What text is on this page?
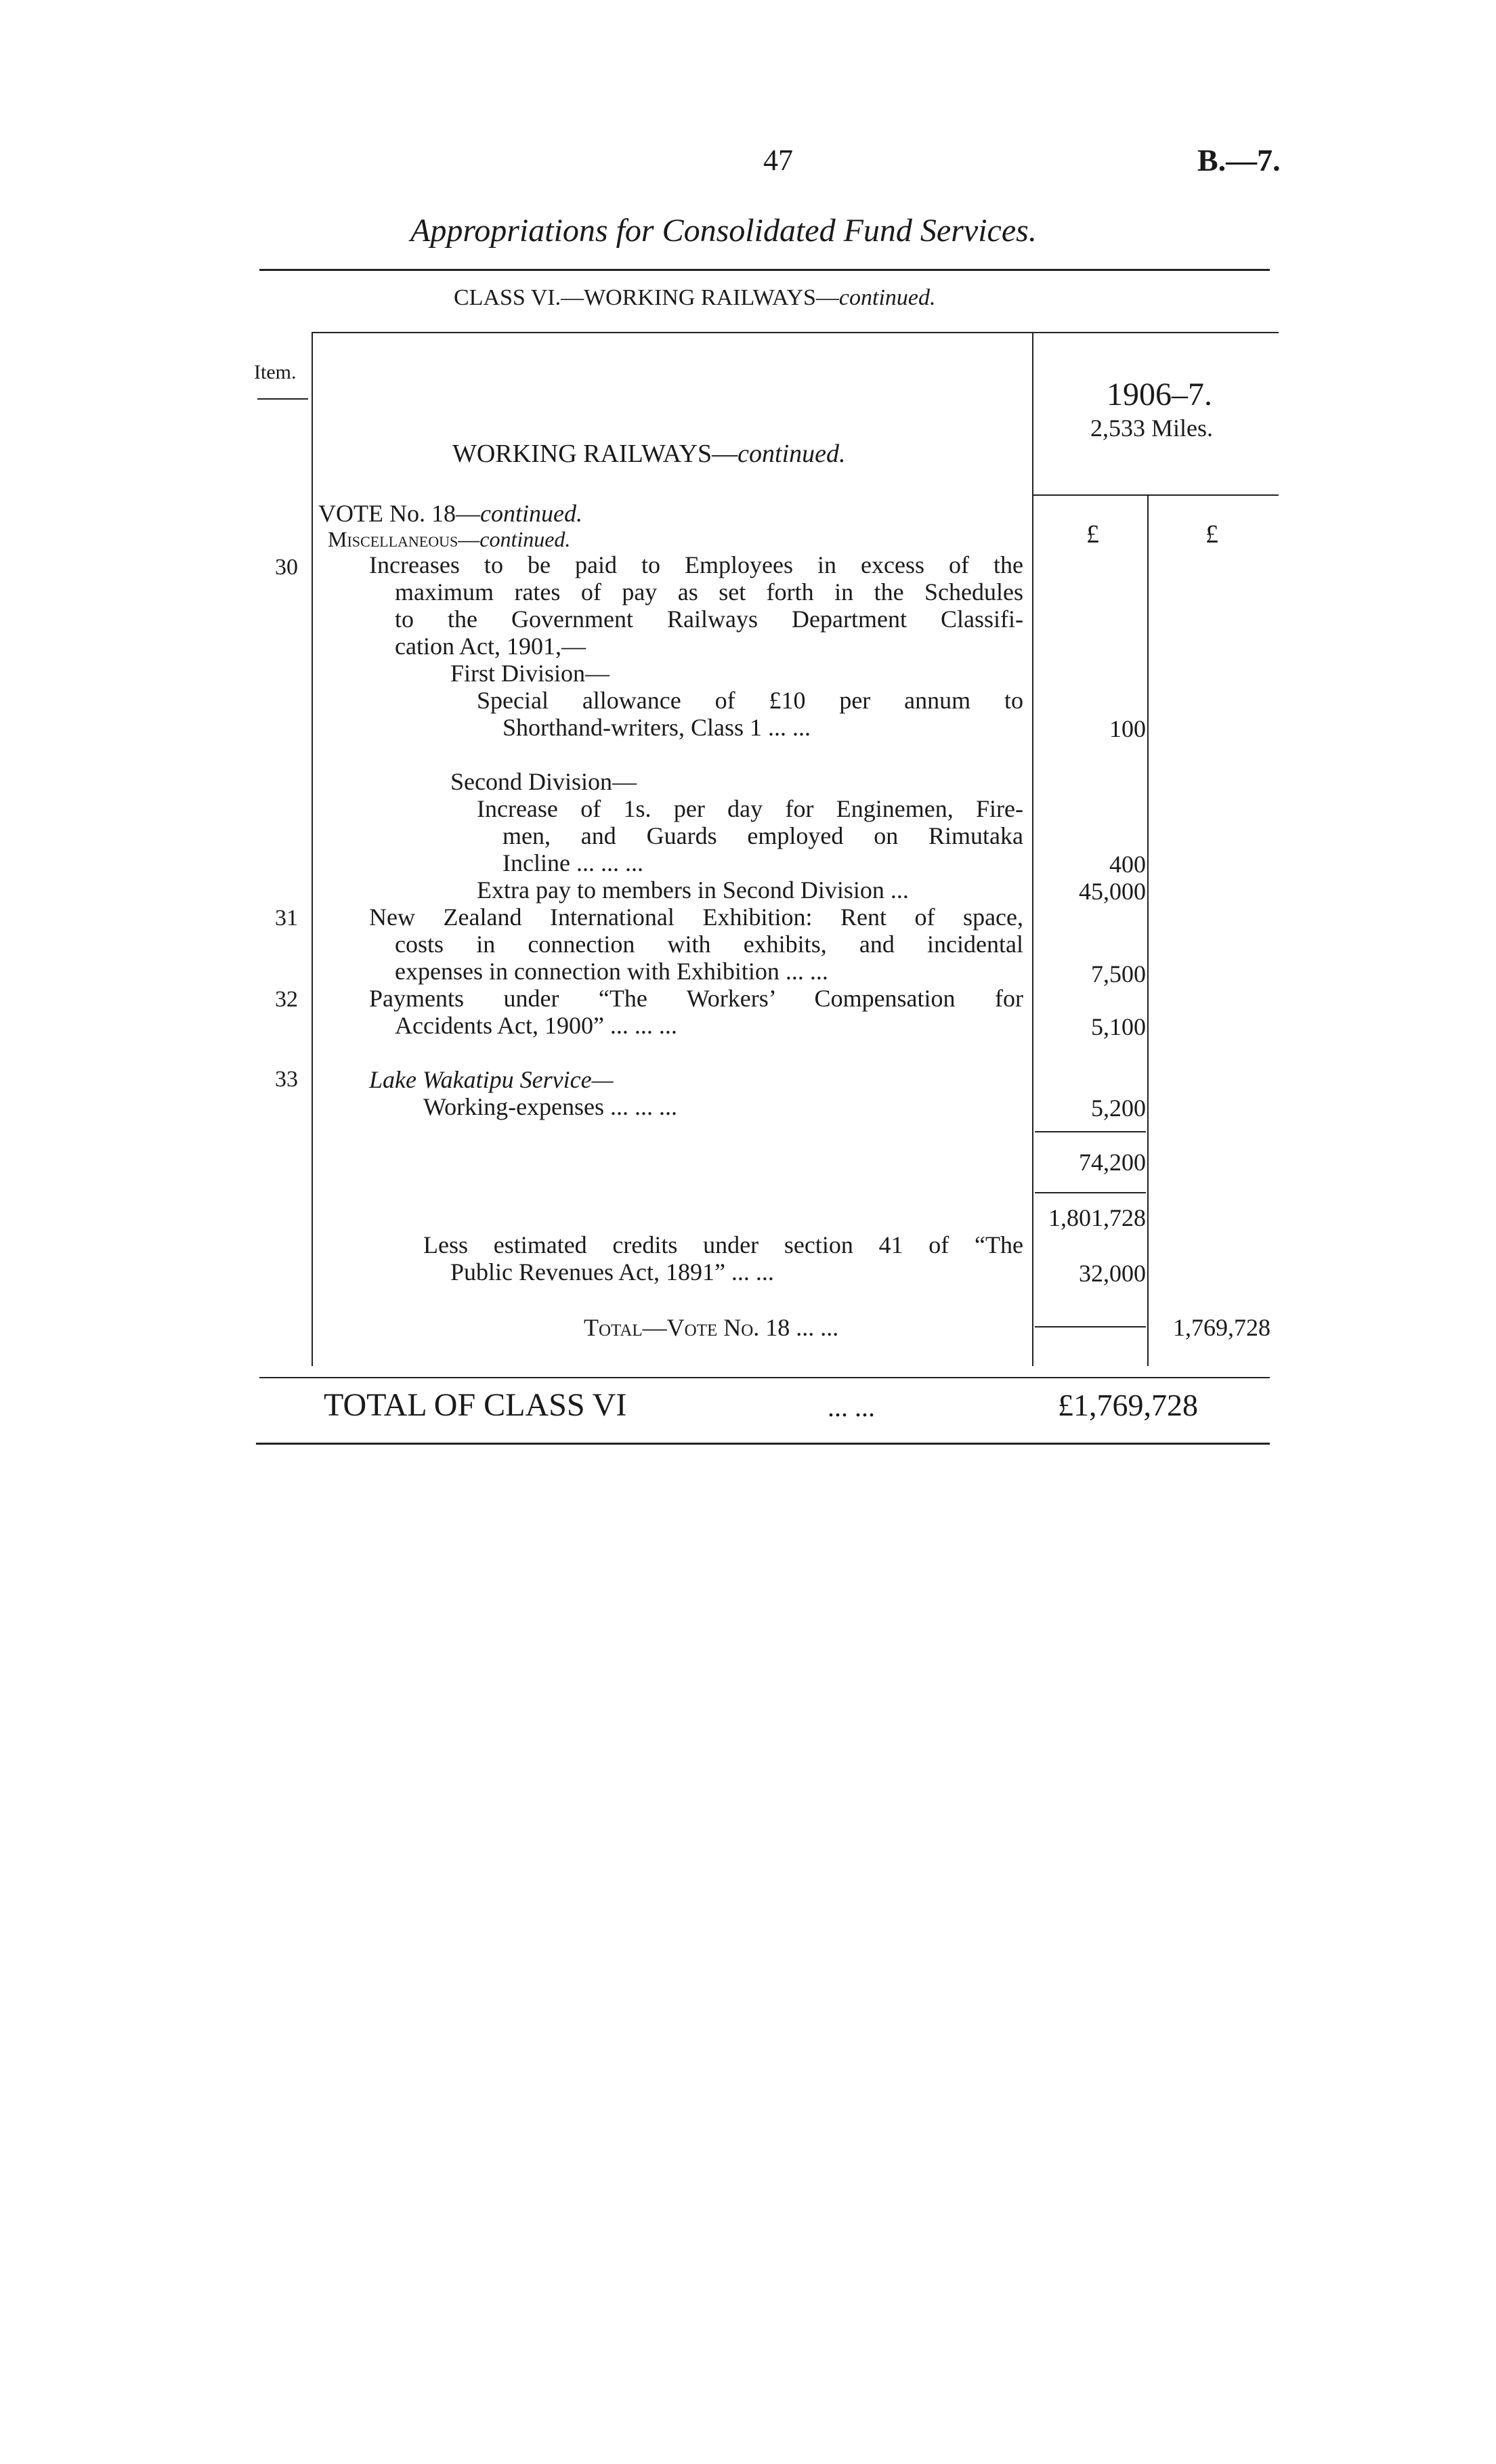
47	B.—7.
Appropriations for Consolidated Fund Services.
CLASS VI.—WORKING RAILWAYS—continued.
Item.
1906–7.
2,533 Miles.
WORKING RAILWAYS—continued.
£	£
VOTE No. 18—continued.
Miscellaneous—continued.
30	Increases to be paid to Employees in excess of the
maximum rates of pay as set forth in the Schedules
to the Government Railways Department Classifi-
cation Act, 1901,—
First Division—
Special allowance of £10 per annum to
Shorthand-writers, Class 1 ... ...	100
Second Division—
Increase of 1s. per day for Enginemen, Fire-
men, and Guards employed on Rimutaka
Incline ... ... ...	400
Extra pay to members in Second Division ...	45,000
31	New Zealand International Exhibition: Rent of space,
costs in connection with exhibits, and incidental
expenses in connection with Exhibition ... ...	7,500
32	Payments under “The Workers’ Compensation for
Accidents Act, 1900” ... ... ...	5,100
33	Lake Wakatipu Service—
Working-expenses ... ... ...	5,200
74,200
1,801,728
Less estimated credits under section 41 of “The
Public Revenues Act, 1891” ... ...	32,000
Total—Vote No. 18 ... ...	1,769,728
TOTAL OF CLASS VI	... ...	£1,769,728
